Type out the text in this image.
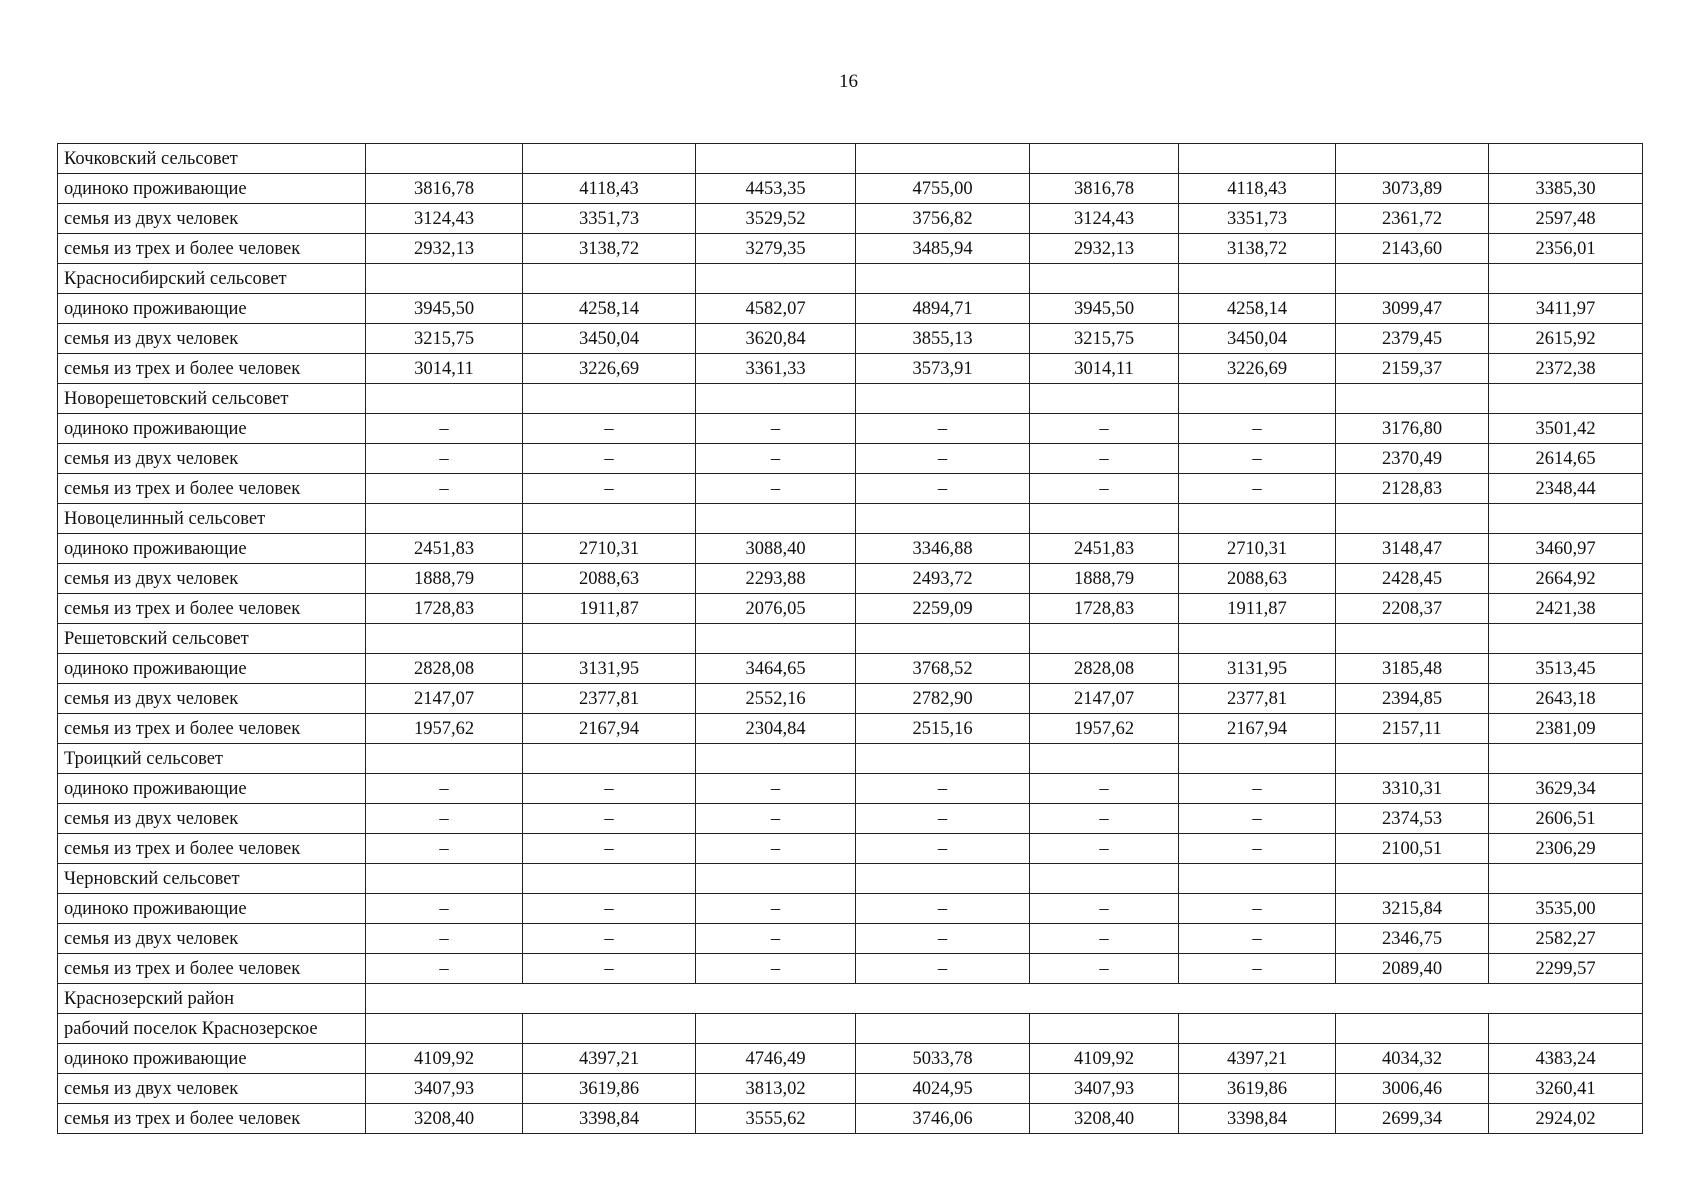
16
Кочковский сельсовет								
одиноко проживающие	3816,78	4118,43	4453,35	4755,00	3816,78	4118,43	3073,89	3385,30
семья из двух человек	3124,43	3351,73	3529,52	3756,82	3124,43	3351,73	2361,72	2597,48
семья из трех и более человек	2932,13	3138,72	3279,35	3485,94	2932,13	3138,72	2143,60	2356,01
Красносибирский сельсовет								
одиноко проживающие	3945,50	4258,14	4582,07	4894,71	3945,50	4258,14	3099,47	3411,97
семья из двух человек	3215,75	3450,04	3620,84	3855,13	3215,75	3450,04	2379,45	2615,92
семья из трех и более человек	3014,11	3226,69	3361,33	3573,91	3014,11	3226,69	2159,37	2372,38
Новорешетовский сельсовет								
одиноко проживающие	–	–	–	–	–	–	3176,80	3501,42
семья из двух человек	–	–	–	–	–	–	2370,49	2614,65
семья из трех и более человек	–	–	–	–	–	–	2128,83	2348,44
Новоцелинный сельсовет								
одиноко проживающие	2451,83	2710,31	3088,40	3346,88	2451,83	2710,31	3148,47	3460,97
семья из двух человек	1888,79	2088,63	2293,88	2493,72	1888,79	2088,63	2428,45	2664,92
семья из трех и более человек	1728,83	1911,87	2076,05	2259,09	1728,83	1911,87	2208,37	2421,38
Решетовский сельсовет								
одиноко проживающие	2828,08	3131,95	3464,65	3768,52	2828,08	3131,95	3185,48	3513,45
семья из двух человек	2147,07	2377,81	2552,16	2782,90	2147,07	2377,81	2394,85	2643,18
семья из трех и более человек	1957,62	2167,94	2304,84	2515,16	1957,62	2167,94	2157,11	2381,09
Троицкий сельсовет								
одиноко проживающие	–	–	–	–	–	–	3310,31	3629,34
семья из двух человек	–	–	–	–	–	–	2374,53	2606,51
семья из трех и более человек	–	–	–	–	–	–	2100,51	2306,29
Черновский сельсовет								
одиноко проживающие	–	–	–	–	–	–	3215,84	3535,00
семья из двух человек	–	–	–	–	–	–	2346,75	2582,27
семья из трех и более человек	–	–	–	–	–	–	2089,40	2299,57
Краснозерский район								
рабочий поселок Краснозерское								
одиноко проживающие	4109,92	4397,21	4746,49	5033,78	4109,92	4397,21	4034,32	4383,24
семья из двух человек	3407,93	3619,86	3813,02	4024,95	3407,93	3619,86	3006,46	3260,41
семья из трех и более человек	3208,40	3398,84	3555,62	3746,06	3208,40	3398,84	2699,34	2924,02
